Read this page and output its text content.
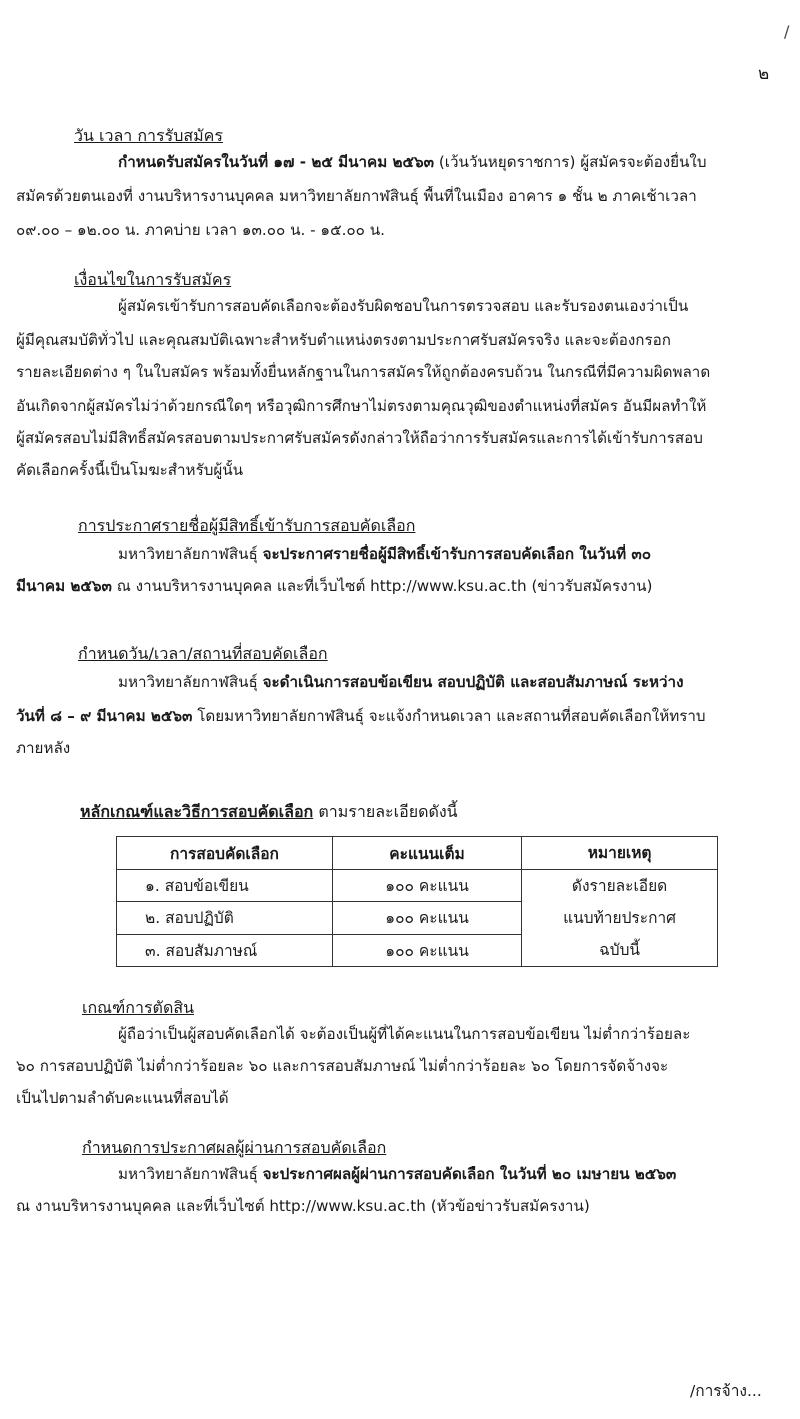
/
๒
วัน เวลา การรับสมัคร
กำหนดรับสมัครในวันที่ ๑๗ - ๒๕ มีนาคม ๒๕๖๓ (เว้นวันหยุดราชการ) ผู้สมัครจะต้องยื่นใบ
สมัครด้วยตนเองที่ งานบริหารงานบุคคล มหาวิทยาลัยกาฬสินธุ์ พื้นที่ในเมือง อาคาร ๑ ชั้น ๒ ภาคเช้าเวลา
๐๙.๐๐ – ๑๒.๐๐ น. ภาคบ่าย เวลา ๑๓.๐๐ น. - ๑๕.๐๐ น.
เงื่อนไขในการรับสมัคร
ผู้สมัครเข้ารับการสอบคัดเลือกจะต้องรับผิดชอบในการตรวจสอบ และรับรองตนเองว่าเป็น
ผู้มีคุณสมบัติทั่วไป และคุณสมบัติเฉพาะสำหรับตำแหน่งตรงตามประกาศรับสมัครจริง และจะต้องกรอก
รายละเอียดต่าง ๆ ในใบสมัคร พร้อมทั้งยื่นหลักฐานในการสมัครให้ถูกต้องครบถ้วน ในกรณีที่มีความผิดพลาด
อันเกิดจากผู้สมัครไม่ว่าด้วยกรณีใดๆ หรือวุฒิการศึกษาไม่ตรงตามคุณวุฒิของตำแหน่งที่สมัคร อันมีผลทำให้
ผู้สมัครสอบไม่มีสิทธิ์สมัครสอบตามประกาศรับสมัครดังกล่าวให้ถือว่าการรับสมัครและการได้เข้ารับการสอบ
คัดเลือกครั้งนี้เป็นโมฆะสำหรับผู้นั้น
การประกาศรายชื่อผู้มีสิทธิ์เข้ารับการสอบคัดเลือก
มหาวิทยาลัยกาฬสินธุ์ จะประกาศรายชื่อผู้มีสิทธิ์เข้ารับการสอบคัดเลือก ในวันที่ ๓๐
มีนาคม ๒๕๖๓ ณ งานบริหารงานบุคคล และที่เว็บไซต์ http://www.ksu.ac.th (ข่าวรับสมัครงาน)
กำหนดวัน/เวลา/สถานที่สอบคัดเลือก
มหาวิทยาลัยกาฬสินธุ์ จะดำเนินการสอบข้อเขียน สอบปฏิบัติ และสอบสัมภาษณ์ ระหว่าง
วันที่ ๘ – ๙ มีนาคม ๒๕๖๓ โดยมหาวิทยาลัยกาฬสินธุ์ จะแจ้งกำหนดเวลา และสถานที่สอบคัดเลือกให้ทราบ
ภายหลัง
หลักเกณฑ์และวิธีการสอบคัดเลือก ตามรายละเอียดดังนี้
การสอบคัดเลือก	คะแนนเต็ม	หมายเหตุ
๑. สอบข้อเขียน	๑๐๐ คะแนน	ดังรายละเอียด
แนบท้ายประกาศ
ฉบับนี้

๒. สอบปฏิบัติ	๑๐๐ คะแนน	
๓. สอบสัมภาษณ์	๑๐๐ คะแนน	
เกณฑ์การตัดสิน
ผู้ถือว่าเป็นผู้สอบคัดเลือกได้ จะต้องเป็นผู้ที่ได้คะแนนในการสอบข้อเขียน ไม่ต่ำกว่าร้อยละ
๖๐ การสอบปฏิบัติ ไม่ต่ำกว่าร้อยละ ๖๐ และการสอบสัมภาษณ์ ไม่ต่ำกว่าร้อยละ ๖๐ โดยการจัดจ้างจะ
เป็นไปตามลำดับคะแนนที่สอบได้
กำหนดการประกาศผลผู้ผ่านการสอบคัดเลือก
มหาวิทยาลัยกาฬสินธุ์ จะประกาศผลผู้ผ่านการสอบคัดเลือก ในวันที่ ๒๐ เมษายน ๒๕๖๓
ณ งานบริหารงานบุคคล และที่เว็บไซต์ http://www.ksu.ac.th (หัวข้อข่าวรับสมัครงาน)
/การจ้าง...
